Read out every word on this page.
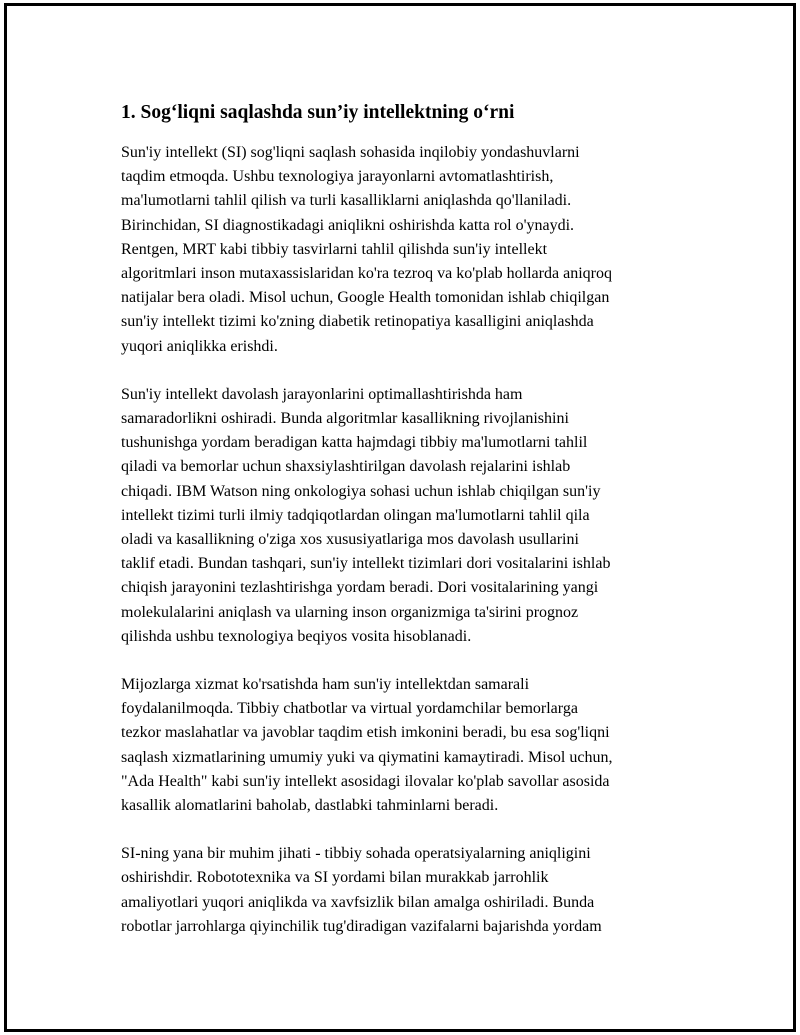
1. Sog‘liqni saqlashda sun’iy intellektning o‘rni

Sun'iy intellekt (SI) sog'liqni saqlash sohasida inqilobiy yondashuvlarni
taqdim etmoqda. Ushbu texnologiya jarayonlarni avtomatlashtirish,
ma'lumotlarni tahlil qilish va turli kasalliklarni aniqlashda qo'llaniladi.
Birinchidan, SI diagnostikadagi aniqlikni oshirishda katta rol o'ynaydi.
Rentgen, MRT kabi tibbiy tasvirlarni tahlil qilishda sun'iy intellekt
algoritmlari inson mutaxassislaridan ko'ra tezroq va ko'plab hollarda aniqroq
natijalar bera oladi. Misol uchun, Google Health tomonidan ishlab chiqilgan
sun'iy intellekt tizimi ko'zning diabetik retinopatiya kasalligini aniqlashda
yuqori aniqlikka erishdi.

Sun'iy intellekt davolash jarayonlarini optimallashtirishda ham
samaradorlikni oshiradi. Bunda algoritmlar kasallikning rivojlanishini
tushunishga yordam beradigan katta hajmdagi tibbiy ma'lumotlarni tahlil
qiladi va bemorlar uchun shaxsiylashtirilgan davolash rejalarini ishlab
chiqadi. IBM Watson ning onkologiya sohasi uchun ishlab chiqilgan sun'iy
intellekt tizimi turli ilmiy tadqiqotlardan olingan ma'lumotlarni tahlil qila
oladi va kasallikning o'ziga xos xususiyatlariga mos davolash usullarini
taklif etadi. Bundan tashqari, sun'iy intellekt tizimlari dori vositalarini ishlab
chiqish jarayonini tezlashtirishga yordam beradi. Dori vositalarining yangi
molekulalarini aniqlash va ularning inson organizmiga ta'sirini prognoz
qilishda ushbu texnologiya beqiyos vosita hisoblanadi.

Mijozlarga xizmat ko'rsatishda ham sun'iy intellektdan samarali
foydalanilmoqda. Tibbiy chatbotlar va virtual yordamchilar bemorlarga
tezkor maslahatlar va javoblar taqdim etish imkonini beradi, bu esa sog'liqni
saqlash xizmatlarining umumiy yuki va qiymatini kamaytiradi. Misol uchun,
"Ada Health" kabi sun'iy intellekt asosidagi ilovalar ko'plab savollar asosida
kasallik alomatlarini baholab, dastlabki tahminlarni beradi.

SI-ning yana bir muhim jihati - tibbiy sohada operatsiyalarning aniqligini
oshirishdir. Robototexnika va SI yordami bilan murakkab jarrohlik
amaliyotlari yuqori aniqlikda va xavfsizlik bilan amalga oshiriladi. Bunda
robotlar jarrohlarga qiyinchilik tug'diradigan vazifalarni bajarishda yordam
